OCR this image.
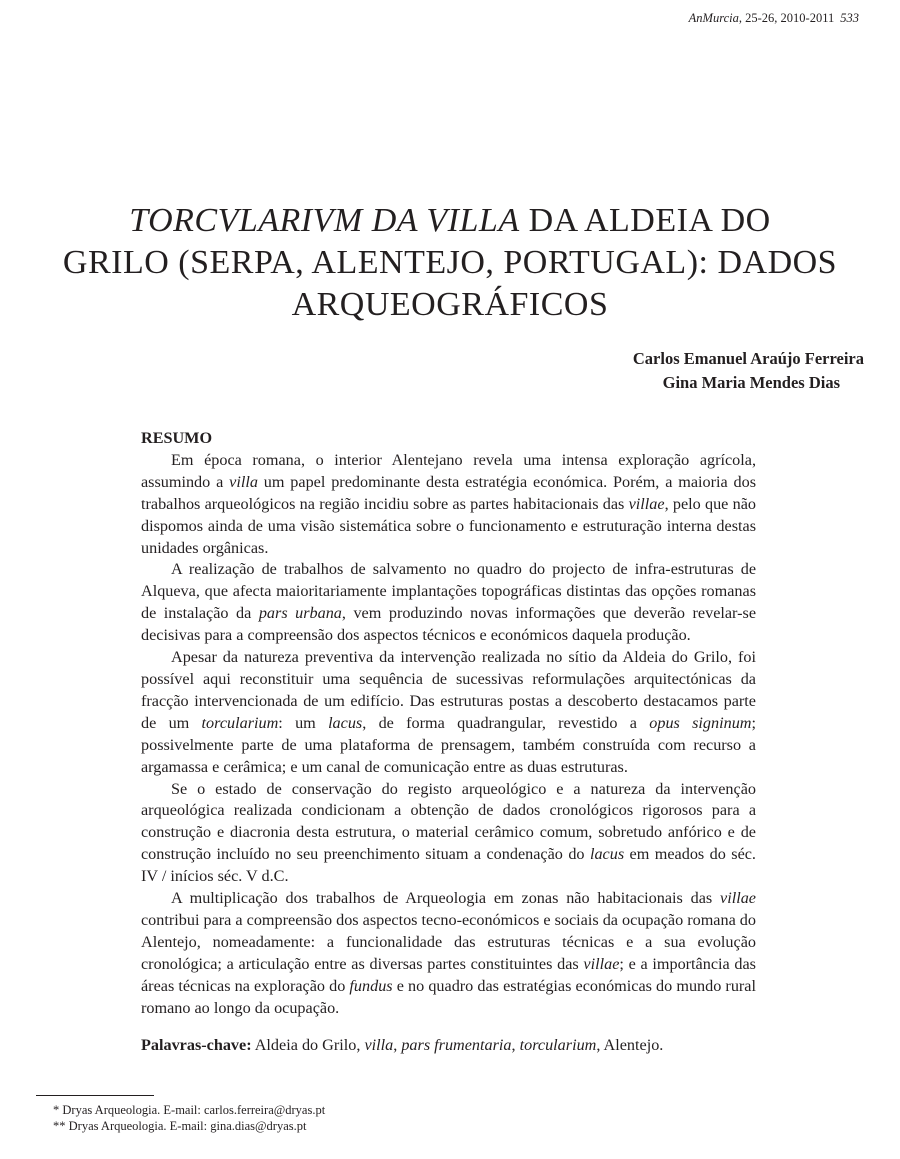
AnMurcia, 25-26, 2010-2011 533
TORCVLARIVM DA VILLA DA ALDEIA DO
GRILO (SERPA, ALENTEJO, PORTUGAL): DADOS
ARQUEOGRÁFICOS
Carlos Emanuel Araújo Ferreira
Gina Maria Mendes Dias
RESUMO

Em época romana, o interior Alentejano revela uma intensa exploração agrícola, assumindo a villa um papel predominante desta estratégia económica. Porém, a maioria dos trabalhos arqueológicos na região incidiu sobre as partes habitacionais das villae, pelo que não dispomos ainda de uma visão sistemática sobre o funcionamento e estruturação interna destas unidades orgânicas.

A realização de trabalhos de salvamento no quadro do projecto de infra-estruturas de Alqueva, que afecta maioritariamente implantações topográficas distintas das opções romanas de instalação da pars urbana, vem produzindo novas informações que deverão revelar-se decisivas para a compreensão dos aspectos técnicos e económicos daquela produção.

Apesar da natureza preventiva da intervenção realizada no sítio da Aldeia do Grilo, foi possível aqui reconstituir uma sequência de sucessivas reformulações arquitectónicas da fracção intervencionada de um edifício. Das estruturas postas a descoberto destacamos parte de um torcularium: um lacus, de forma quadrangular, revestido a opus signinum; possivelmente parte de uma plataforma de prensagem, também construída com recurso a argamassa e cerâmica; e um canal de comunicação entre as duas estruturas.

Se o estado de conservação do registo arqueológico e a natureza da intervenção arqueológica realizada condicionam a obtenção de dados cronológicos rigorosos para a construção e diacronia desta estrutura, o material cerâmico comum, sobretudo anfórico e de construção incluído no seu preenchimento situam a condenação do lacus em meados do séc. IV / inícios séc. V d.C.

A multiplicação dos trabalhos de Arqueologia em zonas não habitacionais das villae contribui para a compreensão dos aspectos tecno-económicos e sociais da ocupação romana do Alentejo, nomeadamente: a funcionalidade das estruturas técnicas e a sua evolução cronológica; a articulação entre as diversas partes constituintes das villae; e a importância das áreas técnicas na exploração do fundus e no quadro das estratégias económicas do mundo rural romano ao longo da ocupação.

Palavras-chave: Aldeia do Grilo, villa, pars frumentaria, torcularium, Alentejo.

* Dryas Arqueologia. E-mail: carlos.ferreira@dryas.pt
** Dryas Arqueologia. E-mail: gina.dias@dryas.pt
